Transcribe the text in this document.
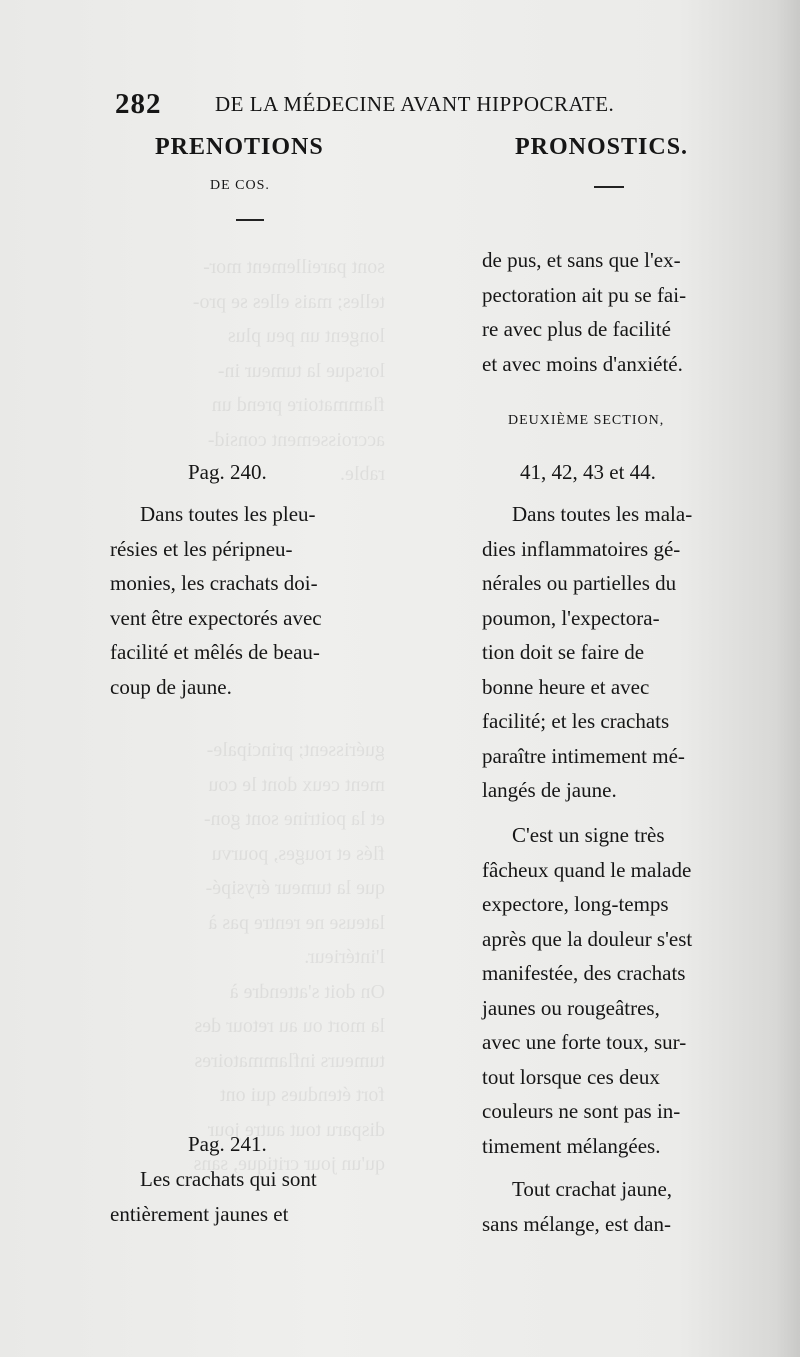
sont pareillement mor-
telles; mais elles se pro-
longent un peu plus
lorsque la tumeur in-
flammatoire prend un
accroissement consid-
rable.

guérissent; principale-
ment ceux dont le cou
et la poitrine sont gon-
flés et rouges, pourvu
que la tumeur érysipé-
lateuse ne rentre pas à
l'intérieur.
On doit s'attendre à
la mort ou au retour des
tumeurs inflammatoires
fort étendues qui ont
disparu tout autre jour
qu'un jour critique, sans
282	DE LA MÉDECINE AVANT HIPPOCRATE.
PRENOTIONS
DE COS.
PRONOSTICS.
Pag. 240.

Dans toutes les pleu-

résies et les péripneu-

monies, les crachats doi-

vent être expectorés avec

facilité et mêlés de beau-

coup de jaune.

Pag. 241.

Les crachats qui sont

entièrement jaunes et

de pus, et sans que l'ex-

pectoration ait pu se fai-

re avec plus de facilité

et avec moins d'anxiété.

DEUXIÈME SECTION,
41, 42, 43 et 44.

Dans toutes les mala-

dies inflammatoires gé-

nérales ou partielles du

poumon, l'expectora-

tion doit se faire de

bonne heure et avec

facilité; et les crachats

paraître intimement mé-

langés de jaune.

C'est un signe très

fâcheux quand le malade

expectore, long-temps

après que la douleur s'est

manifestée, des crachats

jaunes ou rougeâtres,

avec une forte toux, sur-

tout lorsque ces deux

couleurs ne sont pas in-

timement mélangées.

Tout crachat jaune,

sans mélange, est dan-
